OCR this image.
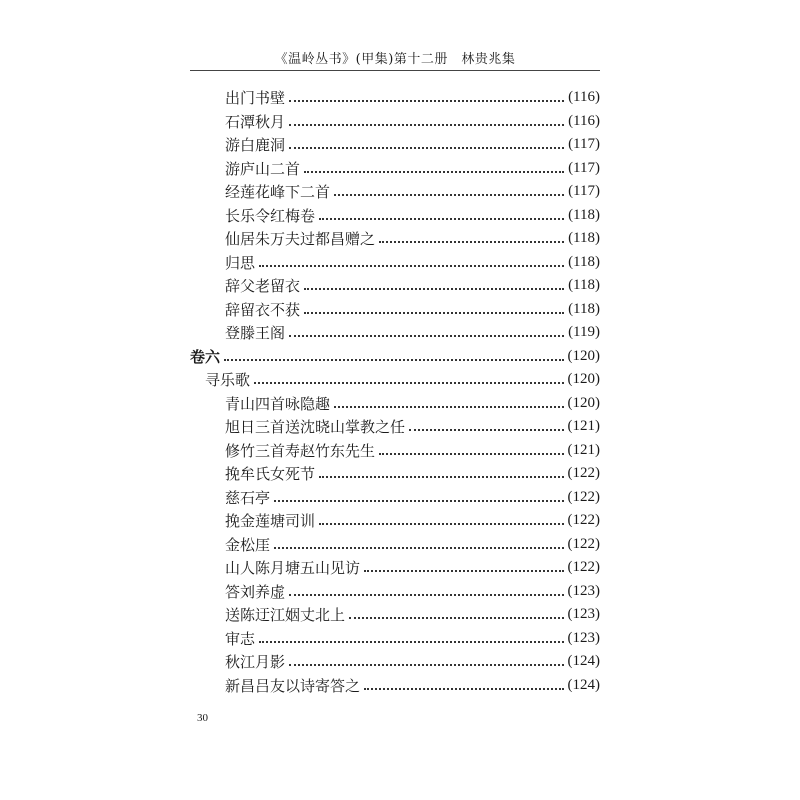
《温岭丛书》(甲集)第十二册　林贵兆集
出门书壁	(116)
石潭秋月	(116)
游白鹿洞	(117)
游庐山二首	(117)
经莲花峰下二首	(117)
长乐令红梅卷	(118)
仙居朱万夫过都昌赠之	(118)
归思	(118)
辞父老留衣	(118)
辞留衣不获	(118)
登滕王阁	(119)
卷六	(120)
寻乐歌	(120)
青山四首咏隐趣	(120)
旭日三首送沈晓山掌教之任	(121)
修竹三首寿赵竹东先生	(121)
挽牟氏女死节	(122)
慈石亭	(122)
挽金莲塘司训	(122)
金松厓	(122)
山人陈月塘五山见访	(122)
答刘养虚	(123)
送陈迂江姻丈北上	(123)
审志	(123)
秋江月影	(124)
新昌吕友以诗寄答之	(124)
30
